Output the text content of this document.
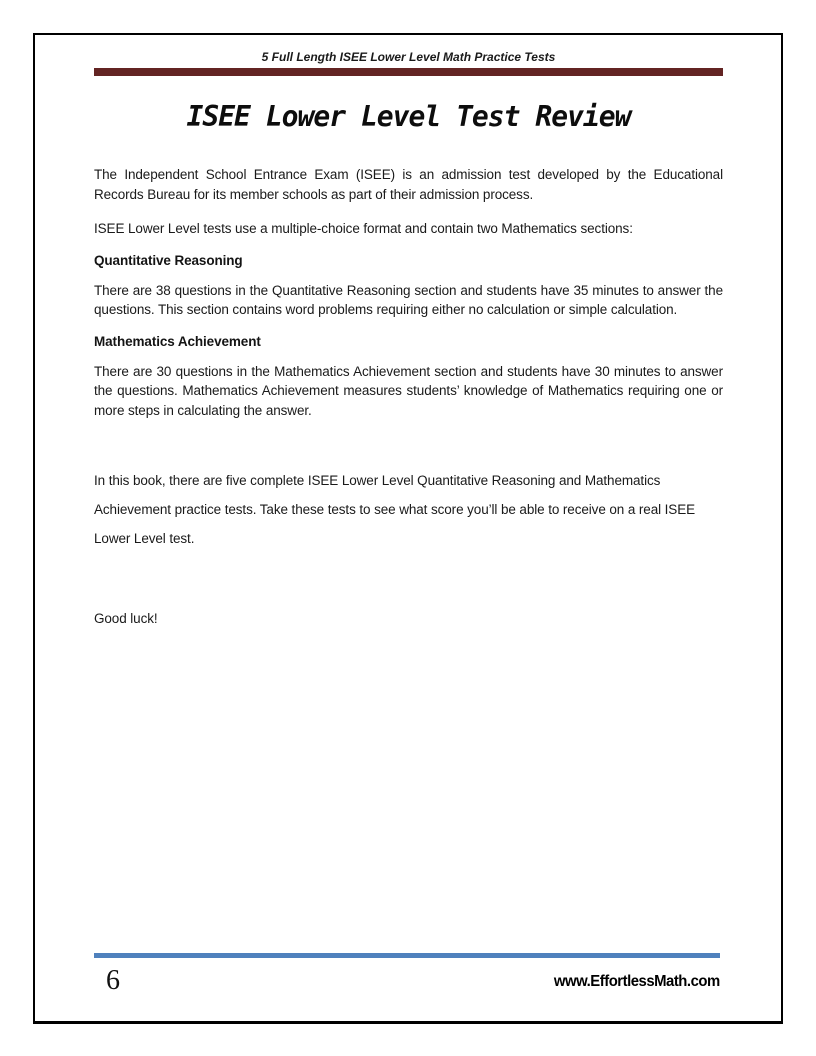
5 Full Length ISEE Lower Level Math Practice Tests
ISEE Lower Level Test Review

The Independent School Entrance Exam (ISEE) is an admission test developed by the Educational Records Bureau for its member schools as part of their admission process.

ISEE Lower Level tests use a multiple-choice format and contain two Mathematics sections:

Quantitative Reasoning

There are 38 questions in the Quantitative Reasoning section and students have 35 minutes to answer the questions. This section contains word problems requiring either no calculation or simple calculation.

Mathematics Achievement

There are 30 questions in the Mathematics Achievement section and students have 30 minutes to answer the questions. Mathematics Achievement measures students’ knowledge of Mathematics requiring one or more steps in calculating the answer.

In this book, there are five complete ISEE Lower Level Quantitative Reasoning and Mathematics Achievement practice tests. Take these tests to see what score you’ll be able to receive on a real ISEE Lower Level test.

Good luck!

6	www.EffortlessMath.com
